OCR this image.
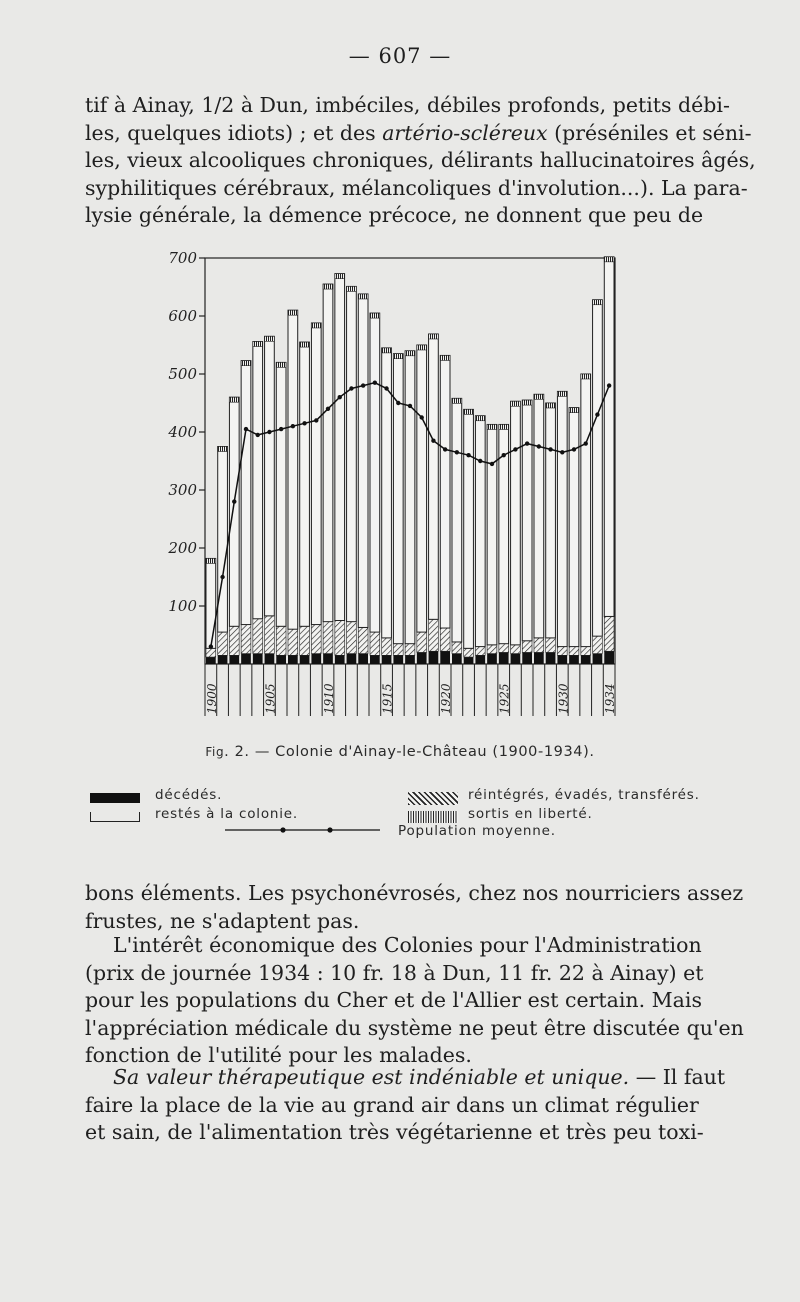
— 607 —

tif à Ainay, 1/2 à Dun, imbéciles, débiles profonds, petits débi-
les, quelques idiots) ; et des artério-scléreux (préséniles et séni-
les, vieux alcooliques chroniques, délirants hallucinatoires âgés,
syphilitiques cérébraux, mélancoliques d'involution...). La para-
lysie générale, la démence précoce, ne donnent que peu de

100
200
300
400
500
600
700
1900	1905	1910	1915	1920	1925	1930	1934
Fig. 2. — Colonie d'Ainay-le-Château (1900-1934).
décédés.
restés à la colonie.
réintégrés, évadés, transférés.
sortis en liberté.
Population moyenne.

bons éléments. Les psychonévrosés, chez nos nourriciers assez
frustes, ne s'adaptent pas.

L'intérêt économique des Colonies pour l'Administration
(prix de journée 1934 : 10 fr. 18 à Dun, 11 fr. 22 à Ainay) et
pour les populations du Cher et de l'Allier est certain. Mais
l'appréciation médicale du système ne peut être discutée qu'en
fonction de l'utilité pour les malades.

Sa valeur thérapeutique est indéniable et unique. — Il faut
faire la place de la vie au grand air dans un climat régulier
et sain, de l'alimentation très végétarienne et très peu toxi-
